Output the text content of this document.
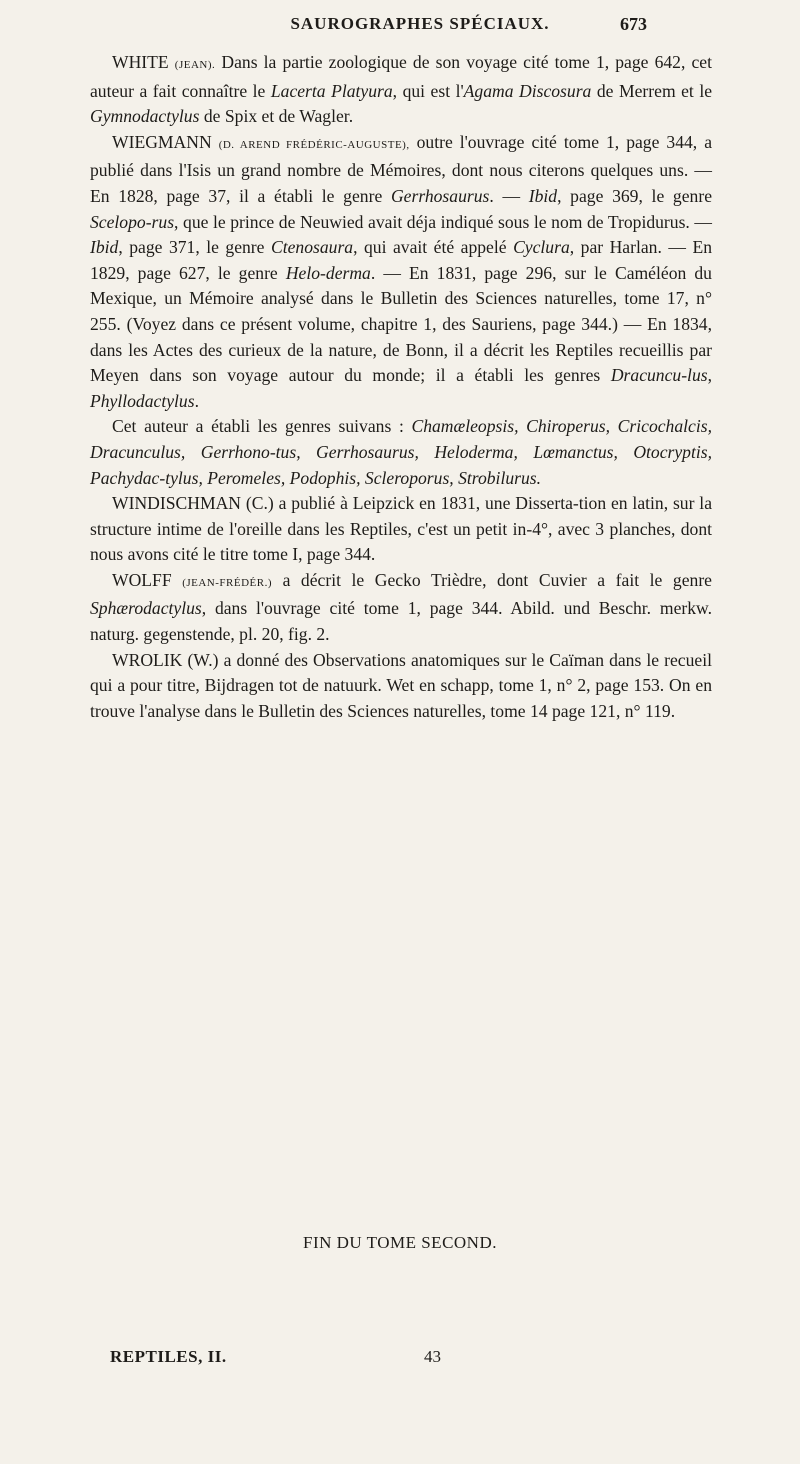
SAUROGRAPHES SPÉCIAUX.	673

WHITE (JEAN). Dans la partie zoologique de son voyage cité tome 1, page 642, cet auteur a fait connaître le Lacerta Platyura, qui est l'Agama Discosura de Merrem et le Gymnodactylus de Spix et de Wagler.

WIEGMANN (D. AREND FRÉDÉRIC-AUGUSTE), outre l'ouvrage cité tome 1, page 344, a publié dans l'Isis un grand nombre de Mémoires, dont nous citerons quelques uns. — En 1828, page 37, il a établi le genre Gerrhosaurus. — Ibid, page 369, le genre Scelopo-rus, que le prince de Neuwied avait déja indiqué sous le nom de Tropidurus. — Ibid, page 371, le genre Ctenosaura, qui avait été appelé Cyclura, par Harlan. — En 1829, page 627, le genre Helo-derma. — En 1831, page 296, sur le Caméléon du Mexique, un Mémoire analysé dans le Bulletin des Sciences naturelles, tome 17, n° 255. (Voyez dans ce présent volume, chapitre 1, des Sauriens, page 344.) — En 1834, dans les Actes des curieux de la nature, de Bonn, il a décrit les Reptiles recueillis par Meyen dans son voyage autour du monde; il a établi les genres Dracuncu-lus, Phyllodactylus.

Cet auteur a établi les genres suivans : Chamæleopsis, Chiroperus, Cricochalcis, Dracunculus, Gerrhono-tus, Gerrhosaurus, Heloderma, Lœmanctus, Otocryptis, Pachydac-tylus, Peromeles, Podophis, Scleroporus, Strobilurus.

WINDISCHMAN (C.) a publié à Leipzick en 1831, une Disserta-tion en latin, sur la structure intime de l'oreille dans les Reptiles, c'est un petit in-4°, avec 3 planches, dont nous avons cité le titre tome I, page 344.

WOLFF (JEAN-FRÉDÉR.) a décrit le Gecko Trièdre, dont Cuvier a fait le genre Sphærodactylus, dans l'ouvrage cité tome 1, page 344. Abild. und Beschr. merkw. naturg. gegenstende, pl. 20, fig. 2.

WROLIK (W.) a donné des Observations anatomiques sur le Caïman dans le recueil qui a pour titre, Bijdragen tot de natuurk. Wet en schapp, tome 1, n° 2, page 153. On en trouve l'analyse dans le Bulletin des Sciences naturelles, tome 14 page 121, n° 119.

FIN DU TOME SECOND.
REPTILES, II.	43
